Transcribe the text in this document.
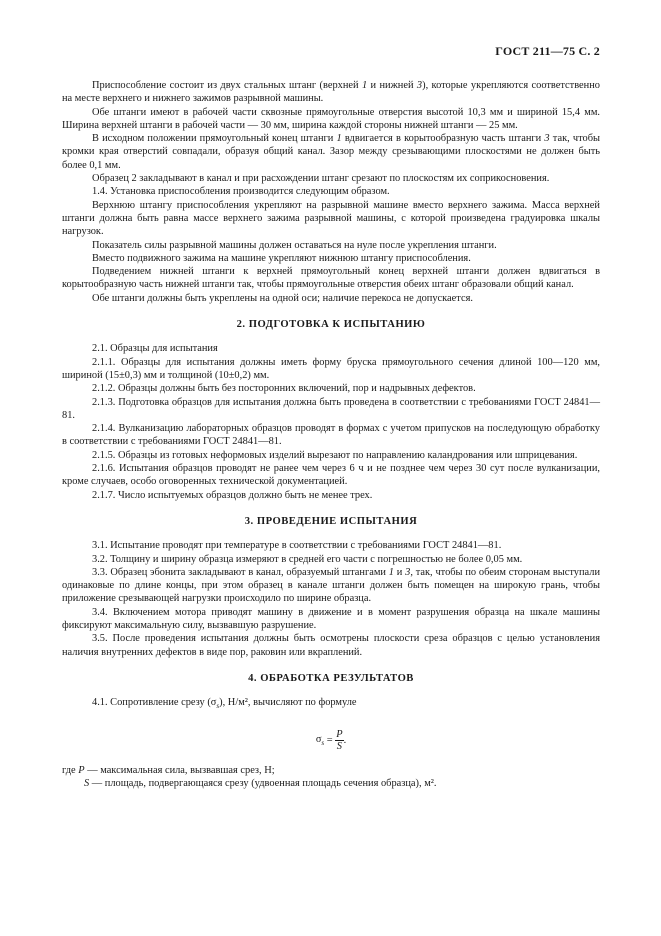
ГОСТ 211—75 С. 2

Приспособление состоит из двух стальных штанг (верхней 1 и нижней 3), которые укрепляются соответственно на месте верхнего и нижнего зажимов разрывной машины.

Обе штанги имеют в рабочей части сквозные прямоугольные отверстия высотой 10,3 мм и шириной 15,4 мм. Ширина верхней штанги в рабочей части — 30 мм, ширина каждой стороны нижней штанги — 25 мм.

В исходном положении прямоугольный конец штанги 1 вдвигается в корытообразную часть штанги 3 так, чтобы кромки края отверстий совпадали, образуя общий канал. Зазор между срезывающими плоскостями не должен быть более 0,1 мм.

Образец 2 закладывают в канал и при расхождении штанг срезают по плоскостям их соприкосновения.

1.4. Установка приспособления производится следующим образом.

Верхнюю штангу приспособления укрепляют на разрывной машине вместо верхнего зажима. Масса верхней штанги должна быть равна массе верхнего зажима разрывной машины, с которой произведена градуировка шкалы нагрузок.

Показатель силы разрывной машины должен оставаться на нуле после укрепления штанги.

Вместо подвижного зажима на машине укрепляют нижнюю штангу приспособления.

Подведением нижней штанги к верхней прямоугольный конец верхней штанги должен вдвигаться в корытообразную часть нижней штанги так, чтобы прямоугольные отверстия обеих штанг образовали общий канал.

Обе штанги должны быть укреплены на одной оси; наличие перекоса не допускается.

2. ПОДГОТОВКА К ИСПЫТАНИЮ

2.1. Образцы для испытания

2.1.1. Образцы для испытания должны иметь форму бруска прямоугольного сечения длиной 100—120 мм, шириной (15±0,3) мм и толщиной (10±0,2) мм.

2.1.2. Образцы должны быть без посторонних включений, пор и надрывных дефектов.

2.1.3. Подготовка образцов для испытания должна быть проведена в соответствии с требованиями ГОСТ 24841—81.

2.1.4. Вулканизацию лабораторных образцов проводят в формах с учетом припусков на последующую обработку в соответствии с требованиями ГОСТ 24841—81.

2.1.5. Образцы из готовых неформовых изделий вырезают по направлению каландрования или шприцевания.

2.1.6. Испытания образцов проводят не ранее чем через 6 ч и не позднее чем через 30 сут после вулканизации, кроме случаев, особо оговоренных технической документацией.

2.1.7. Число испытуемых образцов должно быть не менее трех.

3. ПРОВЕДЕНИЕ ИСПЫТАНИЯ

3.1. Испытание проводят при температуре в соответствии с требованиями ГОСТ 24841—81.

3.2. Толщину и ширину образца измеряют в средней его части с погрешностью не более 0,05 мм.

3.3. Образец эбонита закладывают в канал, образуемый штангами 1 и 3, так, чтобы по обеим сторонам выступали одинаковые по длине концы, при этом образец в канале штанги должен быть помещен на широкую грань, чтобы приложение срезывающей нагрузки происходило по ширине образца.

3.4. Включением мотора приводят машину в движение и в момент разрушения образца на шкале машины фиксируют максимальную силу, вызвавшую разрушение.

3.5. После проведения испытания должны быть осмотрены плоскости среза образцов с целью установления наличия внутренних дефектов в виде пор, раковин или вкраплений.

4. ОБРАБОТКА РЕЗУЛЬТАТОВ

4.1. Сопротивление срезу $(\sigma_s)$, Н/м², вычисляют по формуле

$\sigma_s = \frac{P}{S}$ .

где P — максимальная сила, вызвавшая срез, Н;

S — площадь, подвергающаяся срезу (удвоенная площадь сечения образца), м².
